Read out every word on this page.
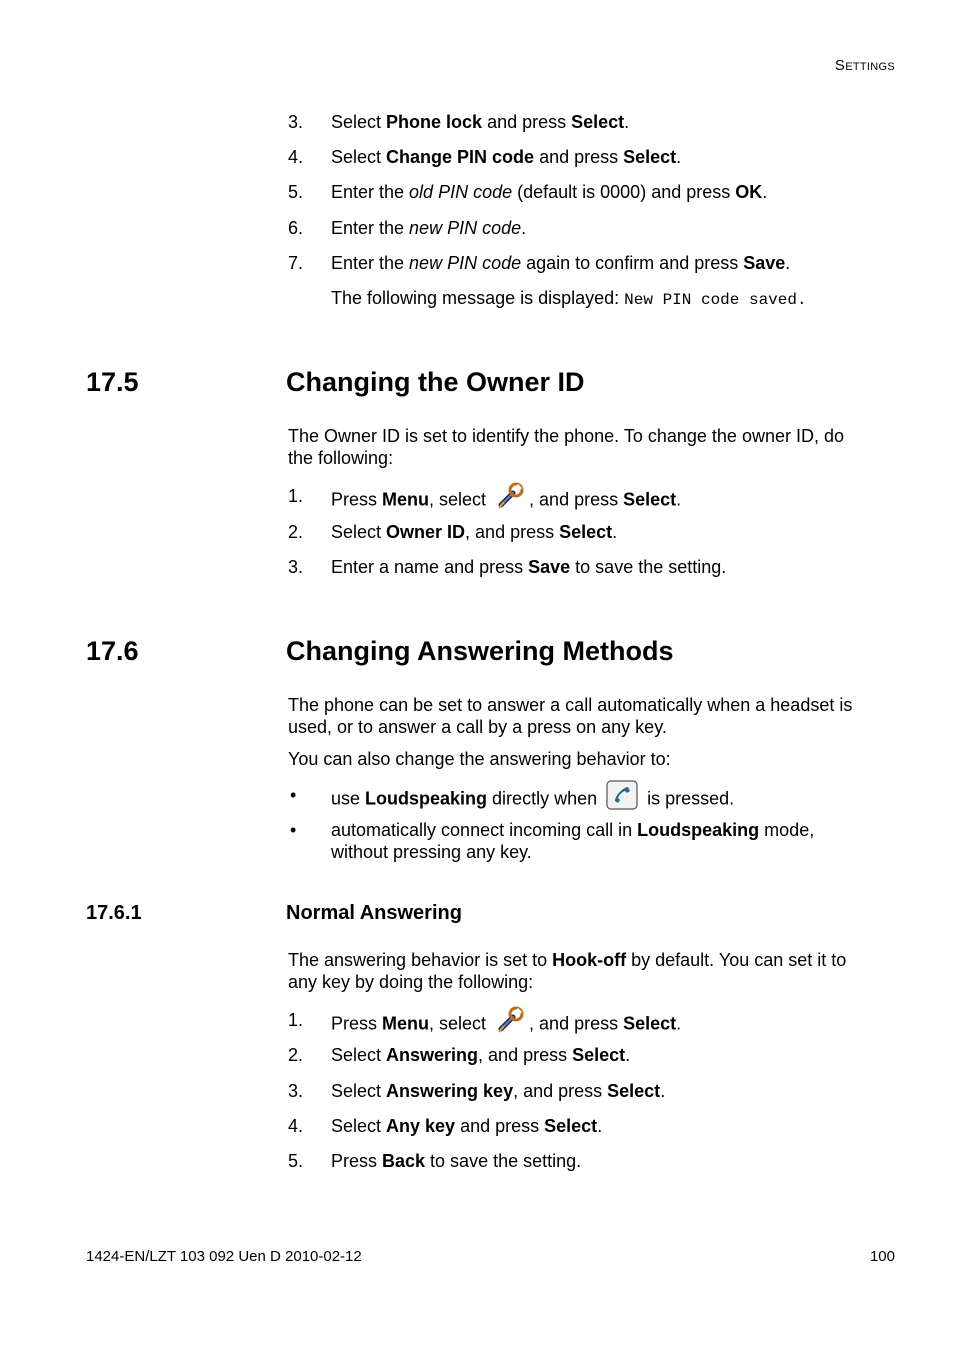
Settings
3. Select Phone lock and press Select.
4. Select Change PIN code and press Select.
5. Enter the old PIN code (default is 0000) and press OK.
6. Enter the new PIN code.
7. Enter the new PIN code again to confirm and press Save.
The following message is displayed: New PIN code saved.
17.5	Changing the Owner ID
The Owner ID is set to identify the phone. To change the owner ID, do
the following:
1. Press Menu, select , and press Select.
2. Select Owner ID, and press Select.
3. Enter a name and press Save to save the setting.
17.6	Changing Answering Methods
The phone can be set to answer a call automatically when a headset is
used, or to answer a call by a press on any key.
You can also change the answering behavior to:
• use Loudspeaking directly when  is pressed.
• automatically connect incoming call in Loudspeaking mode,
without pressing any key.
17.6.1	Normal Answering
The answering behavior is set to Hook-off by default. You can set it to
any key by doing the following:
1. Press Menu, select , and press Select.
2. Select Answering, and press Select.
3. Select Answering key, and press Select.
4. Select Any key and press Select.
5. Press Back to save the setting.
1424-EN/LZT 103 092 Uen D 2010-02-12	100
